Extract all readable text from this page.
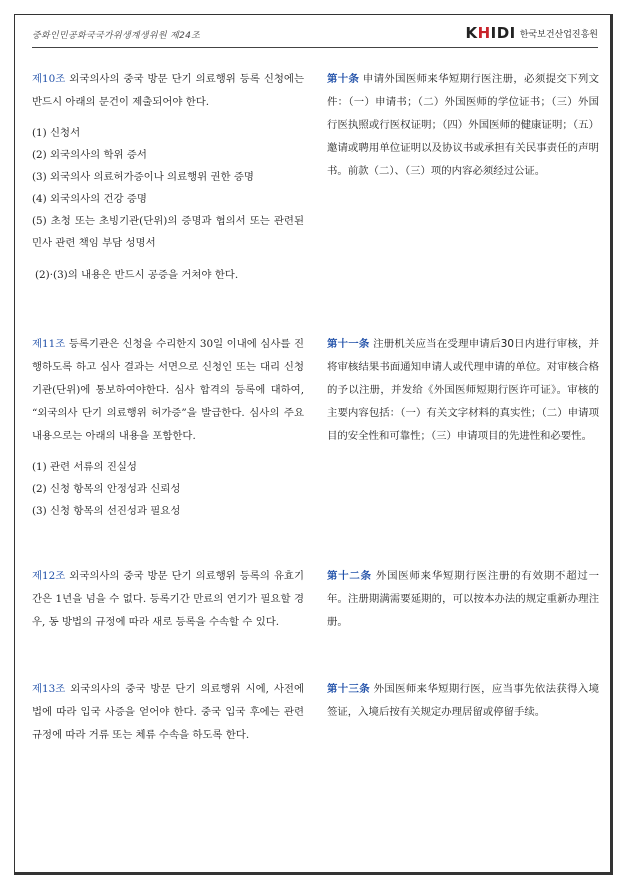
중화인민공화국국가위생계생위원 제24조	KHIDI 한국보건산업진흥원

제10조 외국의사의 중국 방문 단기 의료행위 등록 신청에는 반드시 아래의 문건이 제출되어야 한다.

(1) 신청서
(2) 외국의사의 학위 증서
(3) 외국의사 의료허가증이나 의료행위 권한 증명
(4) 외국의사의 건강 증명
(5) 초청 또는 초빙기관(단위)의 증명과 협의서 또는 관련된 민사 관련 책임 부담 성명서

(2)·(3)의 내용은 반드시 공증을 거쳐야 한다.

第十条 申请外国医师来华短期行医注册，必须提交下列文件：（一）申请书；（二）外国医师的学位证书；（三）外国行医执照或行医权证明；（四）外国医师的健康证明；（五）邀请或聘用单位证明以及协议书或承担有关民事责任的声明书。前款（二）、（三）项的内容必须经过公证。

제11조 등록기관은 신청을 수리한지 30일 이내에 심사를 진행하도록 하고 심사 결과는 서면으로 신청인 또는 대리 신청기관(단위)에 통보하여야한다. 심사 합격의 등록에 대하여, “외국의사 단기 의료행위 허가증”을 발급한다. 심사의 주요 내용으로는 아래의 내용을 포함한다.

(1) 관련 서류의 진실성
(2) 신청 항목의 안정성과 신뢰성
(3) 신청 항목의 선진성과 필요성

第十一条 注册机关应当在受理申请后30日内进行审核，并将审核结果书面通知申请人或代理申请的单位。对审核合格的予以注册，并发给《外国医师短期行医许可证》。审核的主要内容包括：（一）有关文字材料的真实性；（二）申请项目的安全性和可靠性；（三）申请项目的先进性和必要性。

제12조 외국의사의 중국 방문 단기 의료행위 등록의 유효기간은 1년을 넘을 수 없다. 등록기간 만료의 연기가 필요할 경우, 동 방법의 규정에 따라 새로 등록을 수속할 수 있다.

第十二条 外国医师来华短期行医注册的有效期不超过一年。注册期满需要延期的，可以按本办法的规定重新办理注册。

제13조 외국의사의 중국 방문 단기 의료행위 시에, 사전에 법에 따라 입국 사증을 얻어야 한다. 중국 입국 후에는 관련 규정에 따라 거류 또는 체류 수속을 하도록 한다.

第十三条 外国医师来华短期行医，应当事先依法获得入境签证，入境后按有关规定办理居留或停留手续。
